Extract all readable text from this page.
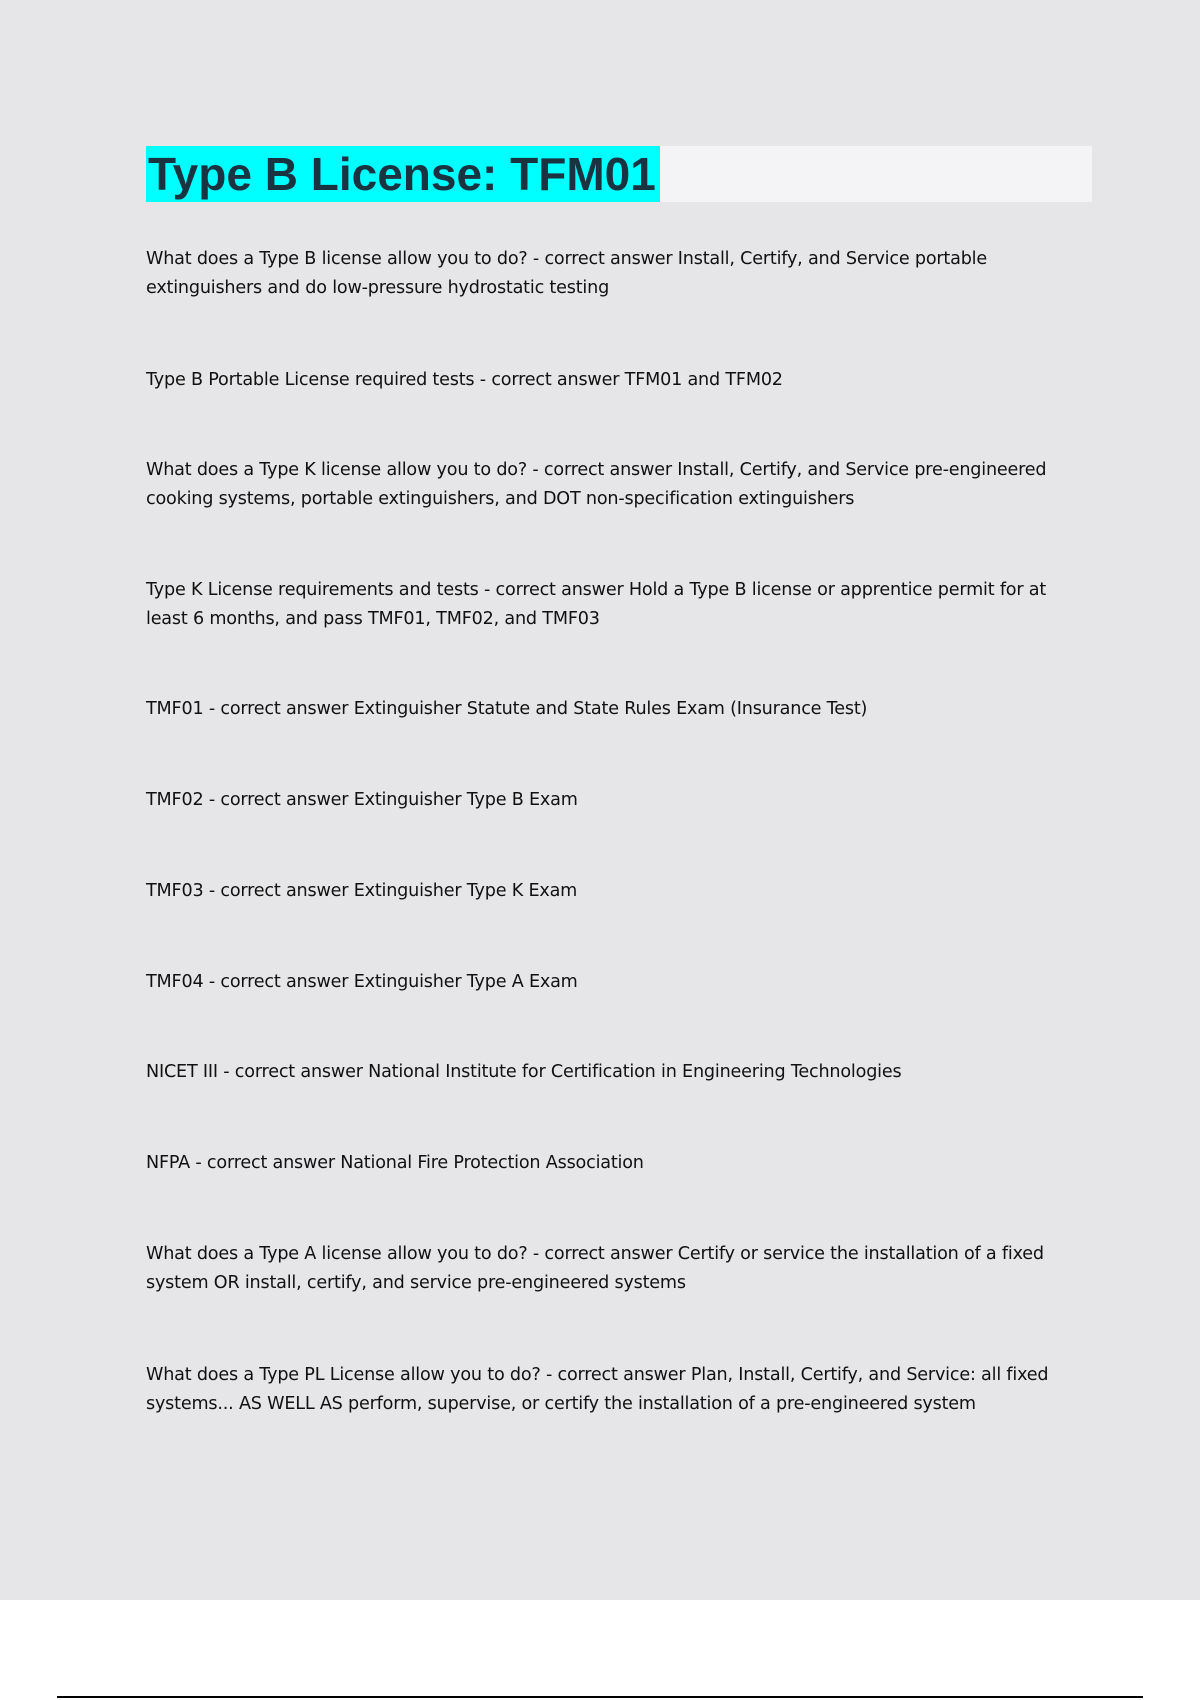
Type B License: TFM01
What does a Type B license allow you to do? - correct answer Install, Certify, and Service portable extinguishers and do low-pressure hydrostatic testing
Type B Portable License required tests - correct answer TFM01 and TFM02
What does a Type K license allow you to do? - correct answer Install, Certify, and Service pre-engineered cooking systems, portable extinguishers, and DOT non-specification extinguishers
Type K License requirements and tests - correct answer Hold a Type B license or apprentice permit for at least 6 months, and pass TMF01, TMF02, and TMF03
TMF01 - correct answer Extinguisher Statute and State Rules Exam (Insurance Test)
TMF02 - correct answer Extinguisher Type B Exam
TMF03 - correct answer Extinguisher Type K Exam
TMF04 - correct answer Extinguisher Type A Exam
NICET III - correct answer National Institute for Certification in Engineering Technologies
NFPA - correct answer National Fire Protection Association
What does a Type A license allow you to do? - correct answer Certify or service the installation of a fixed system OR install, certify, and service pre-engineered systems
What does a Type PL License allow you to do? - correct answer Plan, Install, Certify, and Service: all fixed systems... AS WELL AS perform, supervise, or certify the installation of a pre-engineered system
